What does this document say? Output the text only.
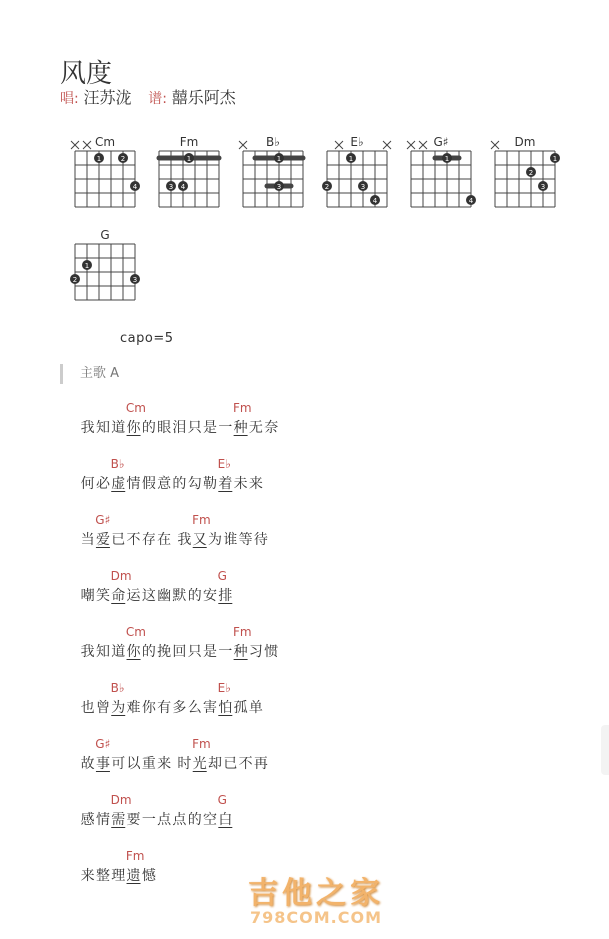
风度
唱: 汪苏泷 谱: 囍乐阿杰
Cm
1	2
4
Fm
1
3 4
B♭
1
3
E♭
2
1
3
4
G♯
1
4
Dm
1
2
3
G
1
2	3
capo=5
主歌 A
我知道你
Cm
的眼泪只是一种
Fm
无奈
何必虚
B♭
情假意的勾勒着
E♭
未来
当爱
G♯
已不存在 我又
Fm
为谁等待
嘲笑命
Dm
运这幽默的安排
G
我知道你
Cm
的挽回只是一种
Fm
习惯
也曾为
B♭
难你有多么害怕
E♭
孤单
故事
G♯
可以重来 时光
Fm
却已不再
感情需
Dm
要一点点的空白
G
来整理遗
Fm
憾	吉他之家
798COM.COM
